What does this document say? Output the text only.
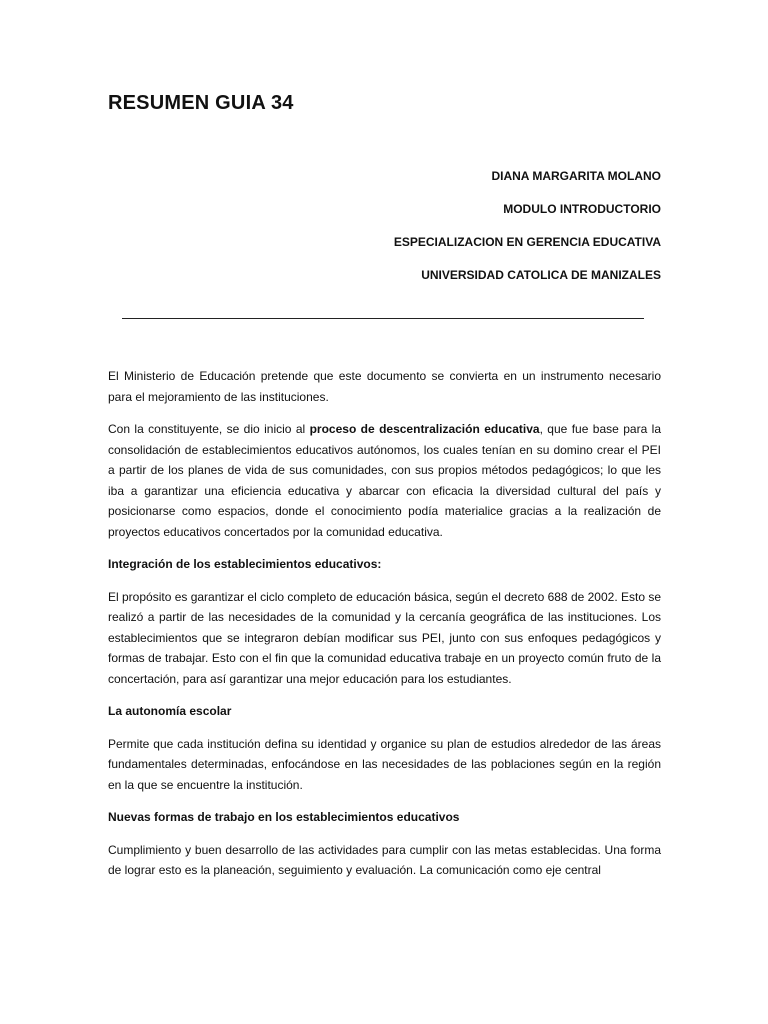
RESUMEN GUIA 34
DIANA MARGARITA MOLANO
MODULO INTRODUCTORIO
ESPECIALIZACION EN GERENCIA EDUCATIVA
UNIVERSIDAD CATOLICA DE MANIZALES

El Ministerio de Educación pretende que este documento se convierta en un instrumento necesario para el mejoramiento de las instituciones.

Con la constituyente, se dio inicio al proceso de descentralización educativa, que fue base para la consolidación de establecimientos educativos autónomos, los cuales tenían en su domino crear el PEI a partir de los planes de vida de sus comunidades, con sus propios métodos pedagógicos; lo que les iba a garantizar una eficiencia educativa y abarcar con eficacia la diversidad cultural del país y posicionarse como espacios, donde el conocimiento podía materialice gracias a la realización de proyectos educativos concertados por la comunidad educativa.

Integración de los establecimientos educativos:

El propósito es garantizar el ciclo completo de educación básica, según el decreto 688 de 2002. Esto se realizó a partir de las necesidades de la comunidad y la cercanía geográfica de las instituciones. Los establecimientos que se integraron debían modificar sus PEI, junto con sus enfoques pedagógicos y formas de trabajar. Esto con el fin que la comunidad educativa trabaje en un proyecto común fruto de la concertación, para así garantizar una mejor educación para los estudiantes.

La autonomía escolar

Permite que cada institución defina su identidad y organice su plan de estudios alrededor de las áreas fundamentales determinadas, enfocándose en las necesidades de las poblaciones según en la región en la que se encuentre la institución.

Nuevas formas de trabajo en los establecimientos educativos

Cumplimiento y buen desarrollo de las actividades para cumplir con las metas establecidas. Una forma de lograr esto es la planeación, seguimiento y evaluación. La comunicación como eje central
